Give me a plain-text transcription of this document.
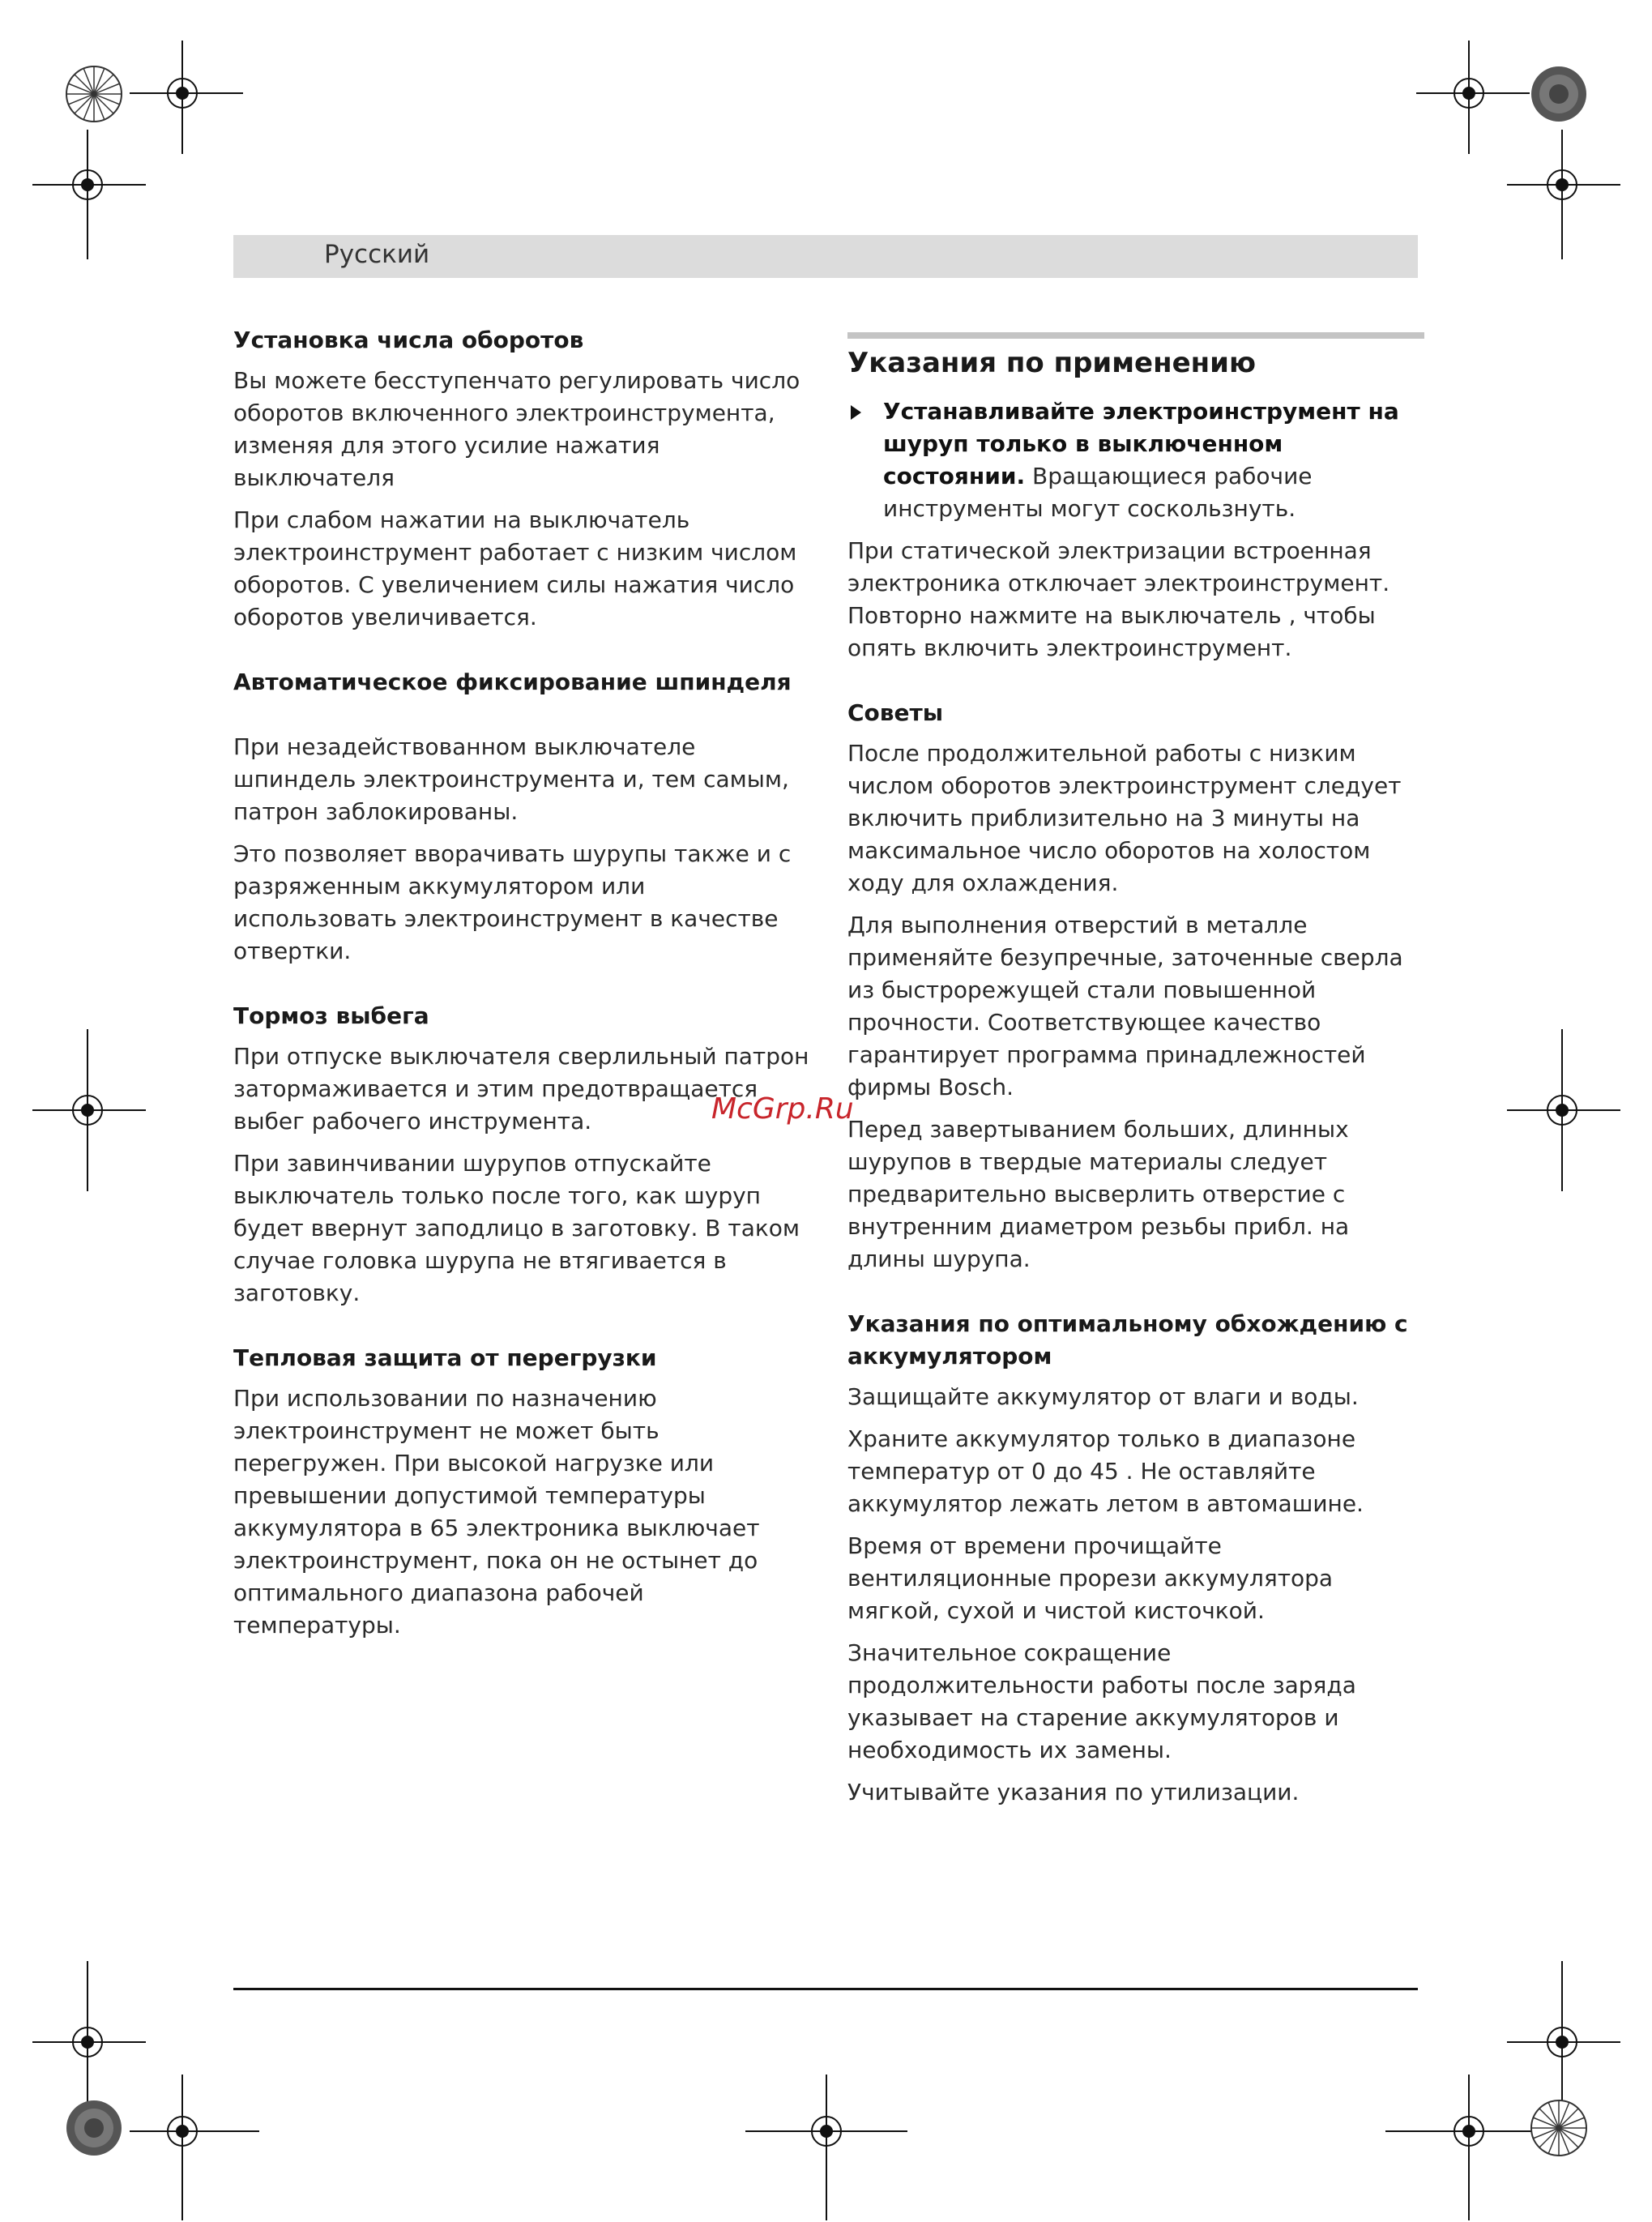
Русский
Установка числа оборотов

Вы можете бесступенчато регулировать число оборотов включенного электроинструмента, изменяя для этого усилие нажатия выключателя

При слабом нажатии на выключатель электроинструмент работает с низким числом оборотов. С увеличением силы нажатия число оборотов увеличивается.

Автоматическое фиксирование шпинделя

При незадействованном выключателе шпиндель электроинструмента и, тем самым, патрон заблокированы.

Это позволяет вворачивать шурупы также и с разряженным аккумулятором или использовать электроинструмент в качестве отвертки.

Тормоз выбега

При отпуске выключателя сверлильный патрон затормаживается и этим предотвращается выбег рабочего инструмента.

При завинчивании шурупов отпускайте выключатель только после того, как шуруп будет ввернут заподлицо в заготовку. В таком случае головка шурупа не втягивается в заготовку.

Тепловая защита от перегрузки

При использовании по назначению электроинструмент не может быть перегружен. При высокой нагрузке или превышении допустимой температуры аккумулятора в 65 электроника выключает электроинструмент, пока он не остынет до оптимального диапазона рабочей температуры.

Указания по применению
Устанавливайте электроинструмент на шуруп только в выключенном состоянии. Вращающиеся рабочие инструменты могут соскользнуть.

При статической электризации встроенная электроника отключает электроинструмент. Повторно нажмите на выключатель , чтобы опять включить электроинструмент.

Советы

После продолжительной работы с низким числом оборотов электроинструмент следует включить приблизительно на 3 минуты на максимальное число оборотов на холостом ходу для охлаждения.

Для выполнения отверстий в металле применяйте безупречные, заточенные сверла из быстрорежущей стали повышенной прочности. Соответствующее качество гарантирует программа принадлежностей фирмы Bosch.

Перед завертыванием больших, длинных шурупов в твердые материалы следует предварительно высверлить отверстие с внутренним диаметром резьбы прибл. на длины шурупа.

Указания по оптимальному обхождению с аккумулятором

Защищайте аккумулятор от влаги и воды.

Храните аккумулятор только в диапазоне температур от 0 до 45 . Не оставляйте аккумулятор лежать летом в автомашине.

Время от времени прочищайте вентиляционные прорези аккумулятора мягкой, сухой и чистой кисточкой.

Значительное сокращение продолжительности работы после заряда указывает на старение аккумуляторов и необходимость их замены.

Учитывайте указания по утилизации.

McGrp.Ru
